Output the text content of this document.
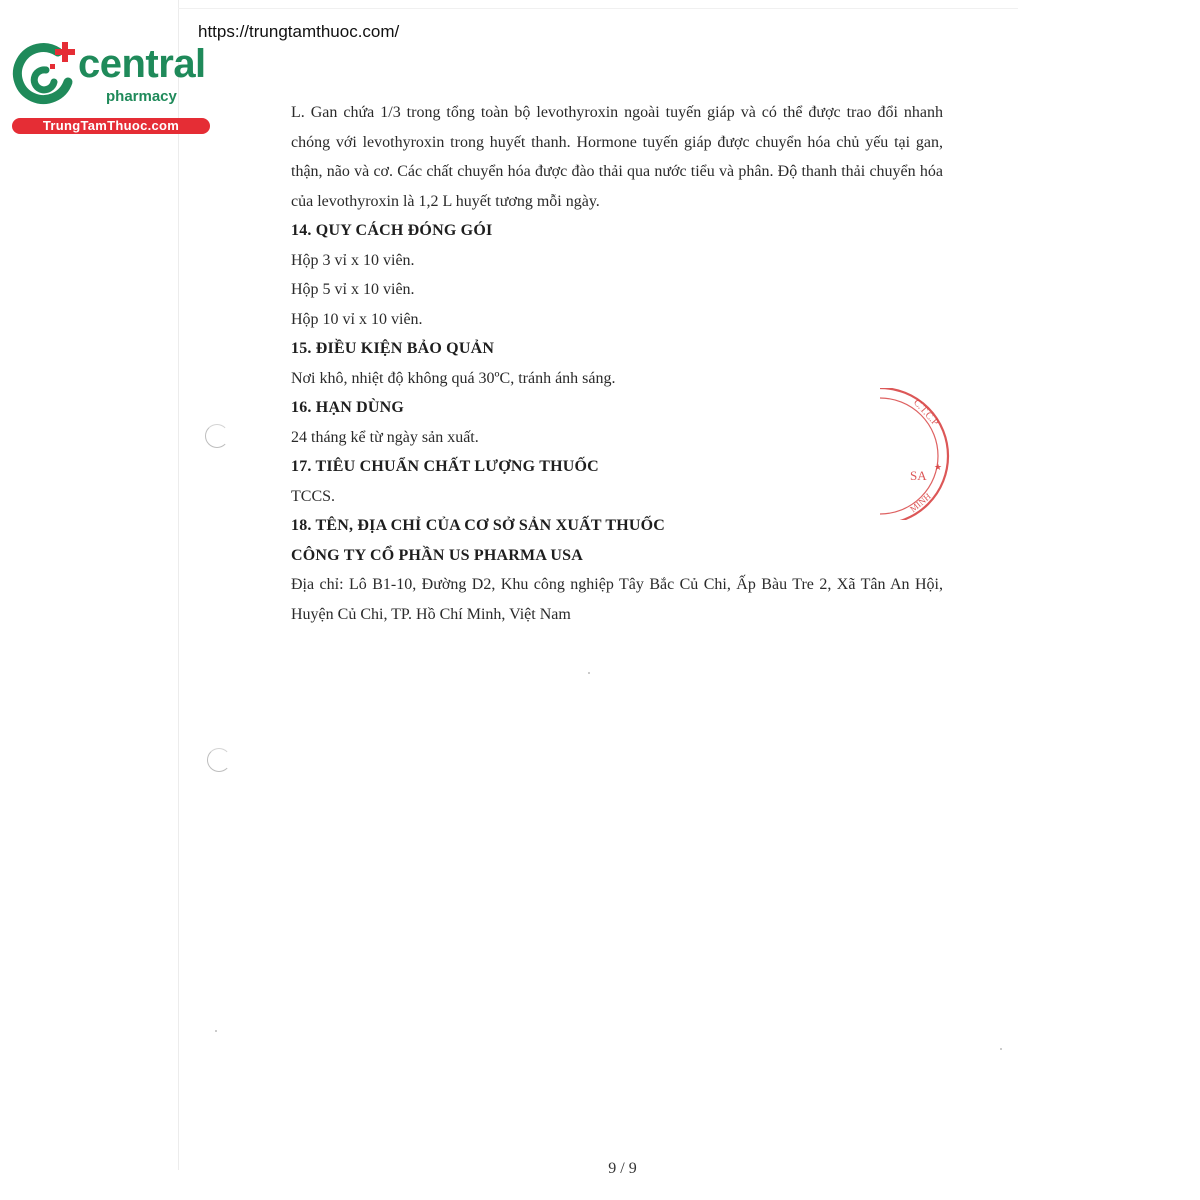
https://trungtamthuoc.com/
central
pharmacy
TrungTamThuoc.com

L. Gan chứa 1/3 trong tổng toàn bộ levothyroxin ngoài tuyến giáp và có thể được trao đổi nhanh chóng với levothyroxin trong huyết thanh. Hormone tuyến giáp được chuyển hóa chủ yếu tại gan, thận, não và cơ. Các chất chuyển hóa được đào thải qua nước tiểu và phân. Độ thanh thải chuyển hóa của levothyroxin là 1,2 L huyết tương mỗi ngày.

14. QUY CÁCH ĐÓNG GÓI

Hộp 3 vỉ x 10 viên.

Hộp 5 vỉ x 10 viên.

Hộp 10 vỉ x 10 viên.

15. ĐIỀU KIỆN BẢO QUẢN

Nơi khô, nhiệt độ không quá 30ºC, tránh ánh sáng.

16. HẠN DÙNG

24 tháng kể từ ngày sản xuất.

17. TIÊU CHUẨN CHẤT LƯỢNG THUỐC

TCCS.

18. TÊN, ĐỊA CHỈ CỦA CƠ SỞ SẢN XUẤT THUỐC
CÔNG TY CỔ PHẦN US PHARMA USA

Địa chỉ: Lô B1-10, Đường D2, Khu công nghiệp Tây Bắc Củ Chi, Ấp Bàu Tre 2, Xã Tân An Hội, Huyện Củ Chi, TP. Hồ Chí Minh, Việt Nam

C.T.C.P
SA
★
MINH
9 / 9
